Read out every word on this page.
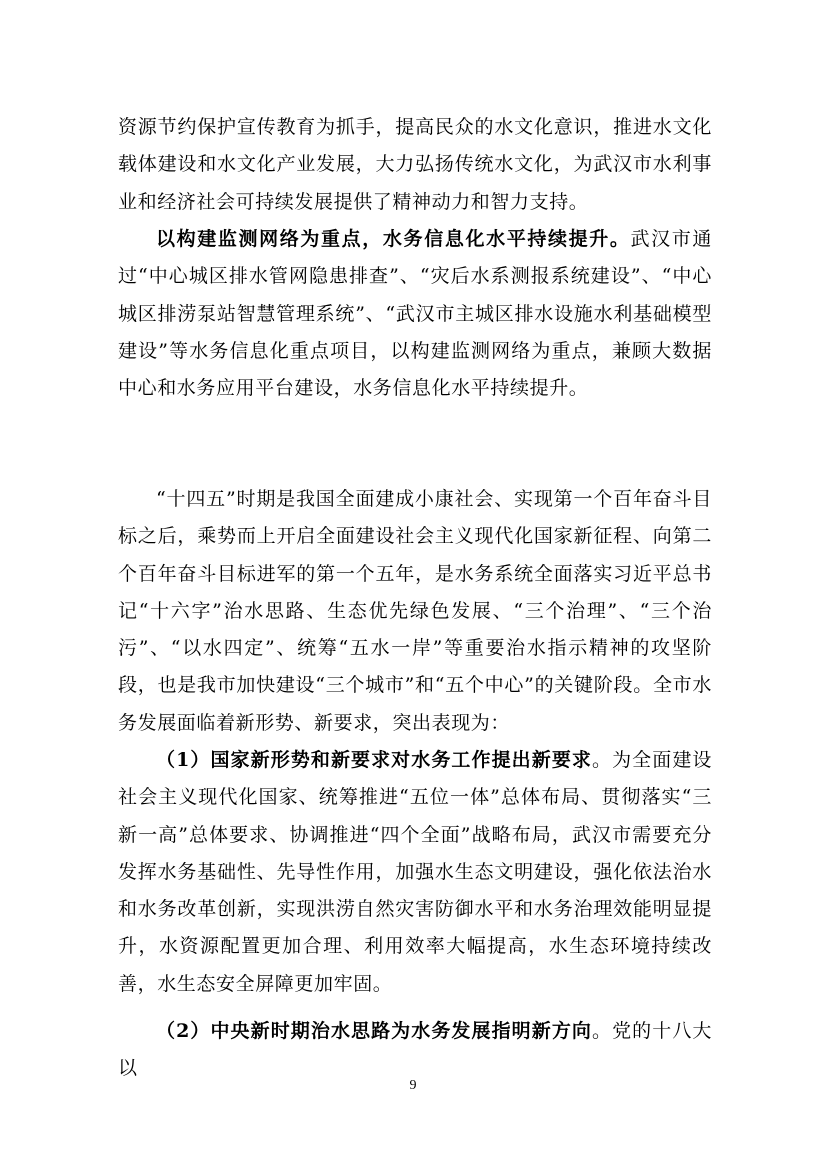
资源节约保护宣传教育为抓手，提高民众的水文化意识，推进水文化载体建设和水文化产业发展，大力弘扬传统水文化，为武汉市水利事业和经济社会可持续发展提供了精神动力和智力支持。

以构建监测网络为重点，水务信息化水平持续提升。武汉市通过“中心城区排水管网隐患排查”、“灾后水系测报系统建设”、“中心城区排涝泵站智慧管理系统”、“武汉市主城区排水设施水利基础模型建设”等水务信息化重点项目，以构建监测网络为重点，兼顾大数据中心和水务应用平台建设，水务信息化水平持续提升。

“十四五”时期是我国全面建成小康社会、实现第一个百年奋斗目标之后，乘势而上开启全面建设社会主义现代化国家新征程、向第二个百年奋斗目标进军的第一个五年，是水务系统全面落实习近平总书记“十六字”治水思路、生态优先绿色发展、“三个治理”、“三个治污”、“以水四定”、统筹“五水一岸”等重要治水指示精神的攻坚阶段，也是我市加快建设“三个城市”和“五个中心”的关键阶段。全市水务发展面临着新形势、新要求，突出表现为：

（1）国家新形势和新要求对水务工作提出新要求。为全面建设社会主义现代化国家、统筹推进“五位一体”总体布局、贯彻落实“三新一高”总体要求、协调推进“四个全面”战略布局，武汉市需要充分发挥水务基础性、先导性作用，加强水生态文明建设，强化依法治水和水务改革创新，实现洪涝自然灾害防御水平和水务治理效能明显提升，水资源配置更加合理、利用效率大幅提高，水生态环境持续改善，水生态安全屏障更加牢固。

（2）中央新时期治水思路为水务发展指明新方向。党的十八大以

9
